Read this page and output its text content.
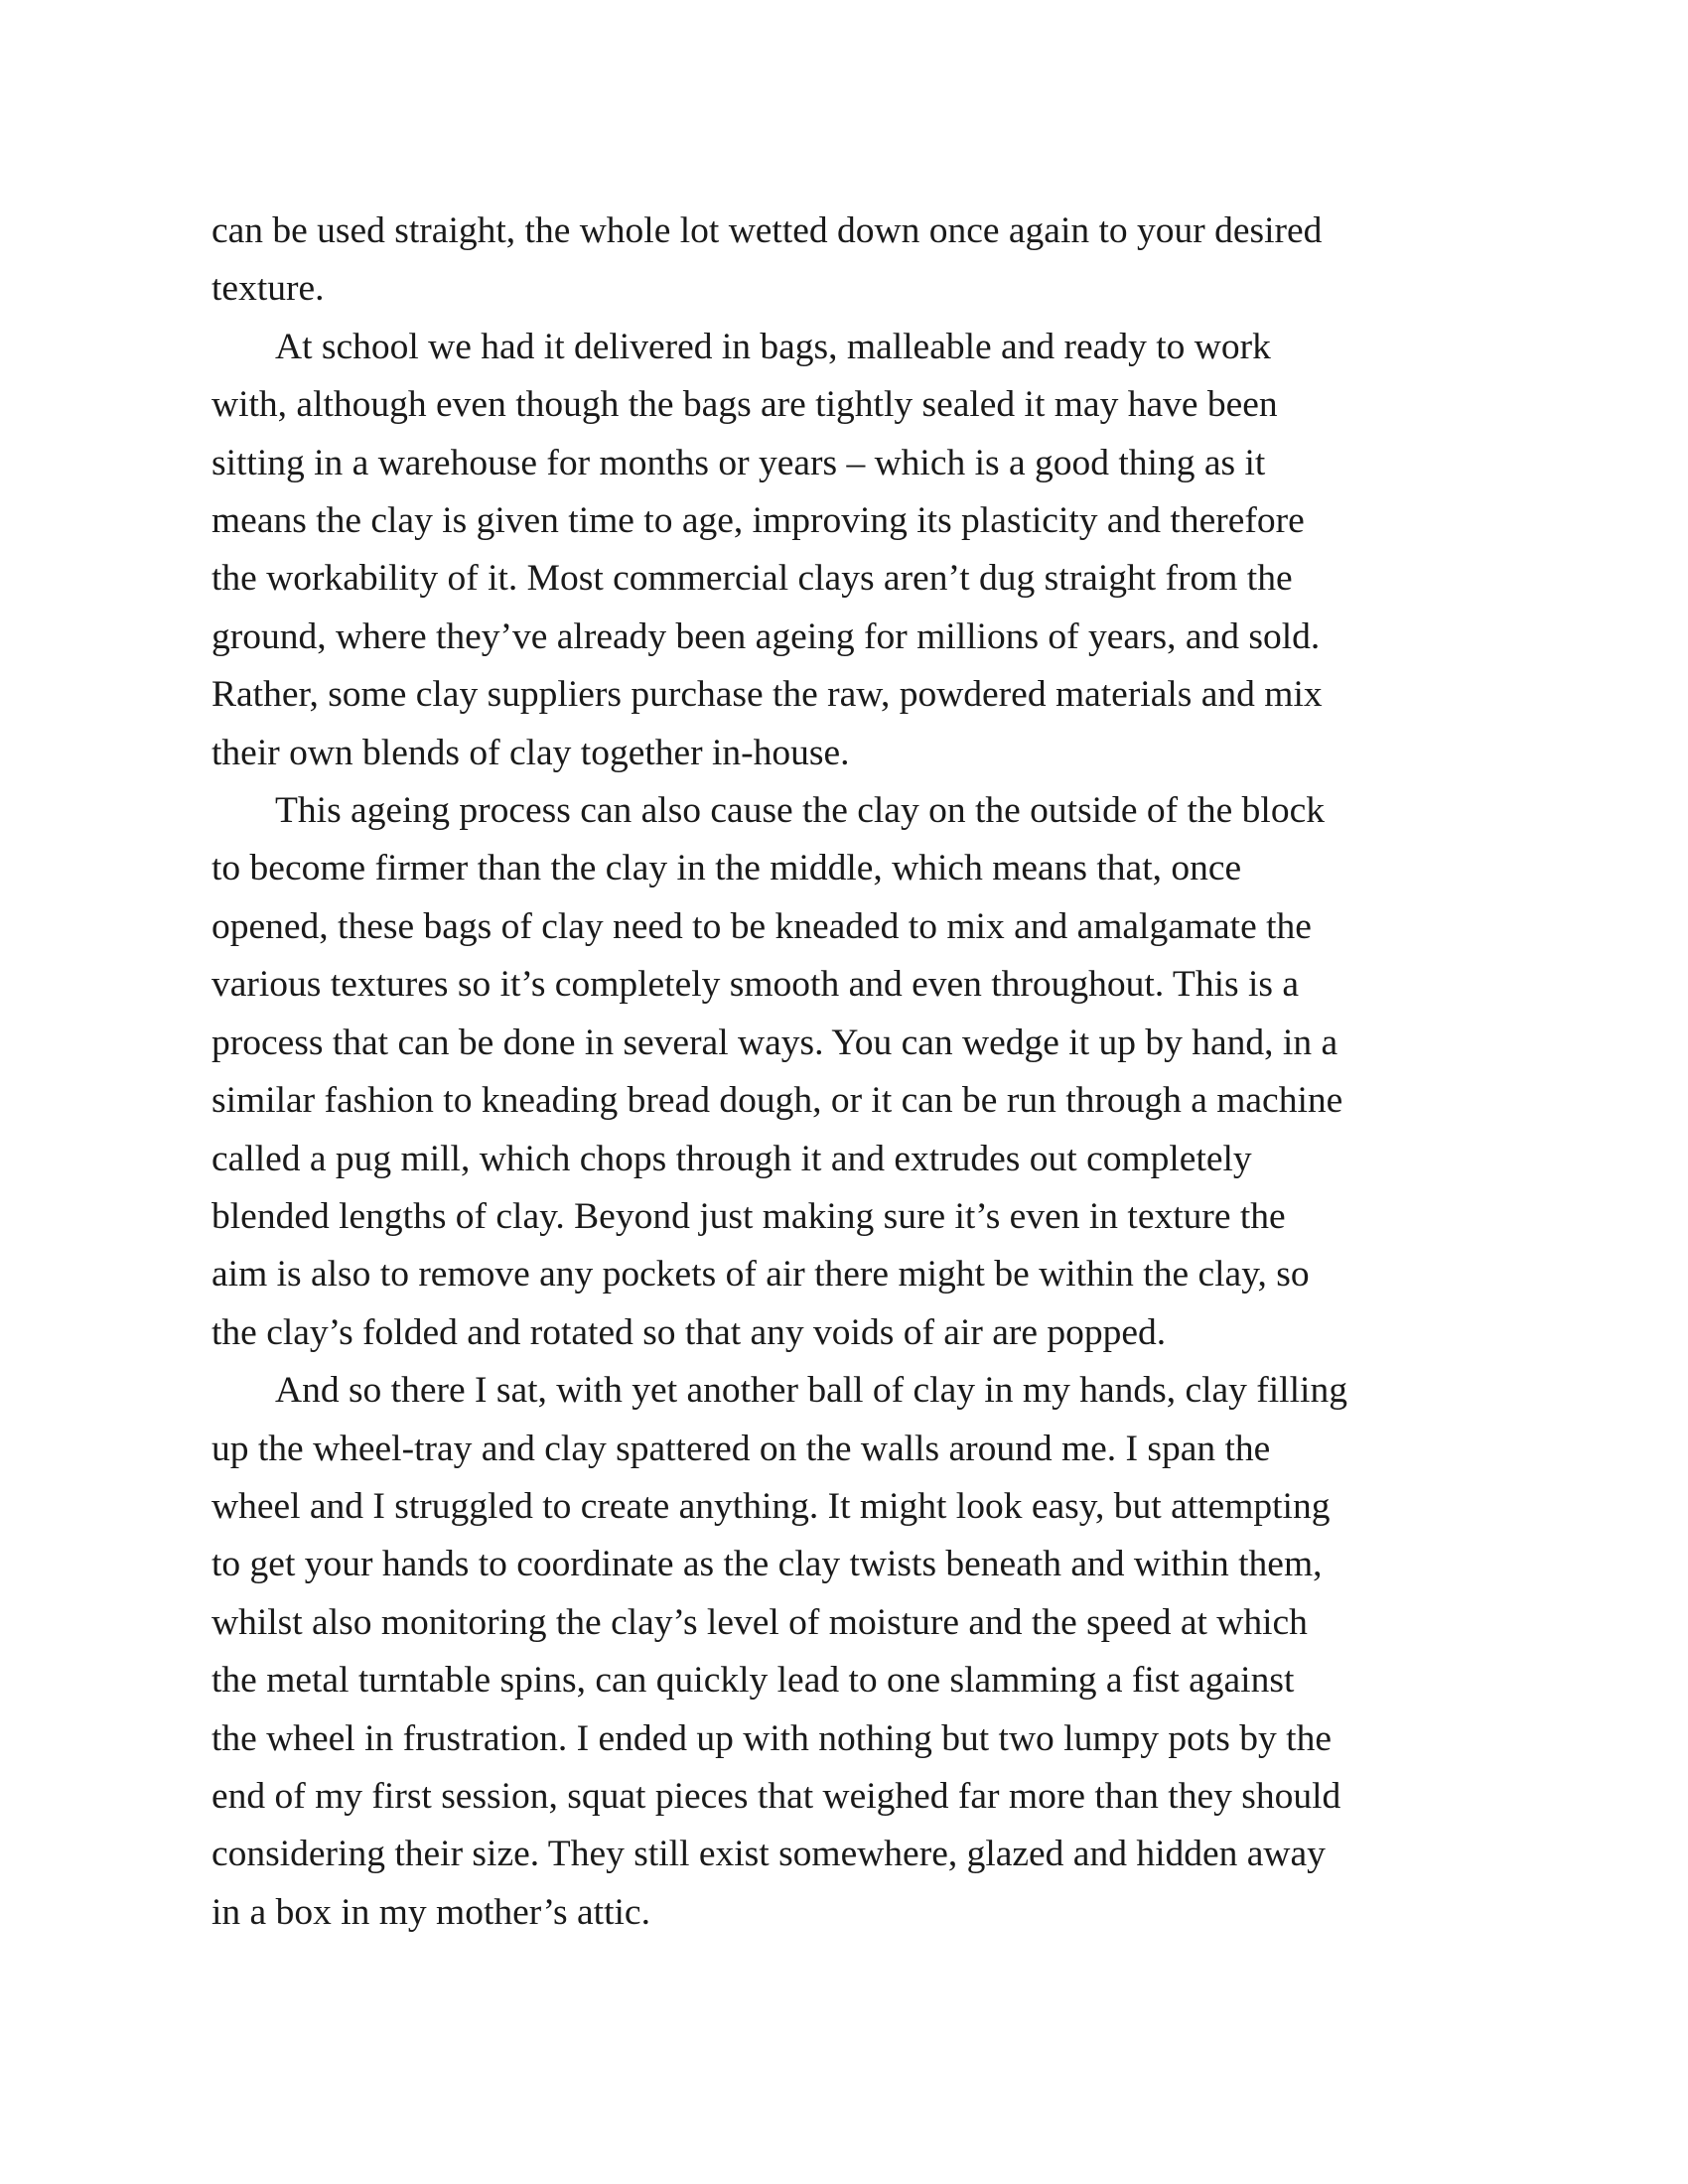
can be used straight, the whole lot wetted down once again to your desired
texture.
At school we had it delivered in bags, malleable and ready to work
with, although even though the bags are tightly sealed it may have been
sitting in a warehouse for months or years – which is a good thing as it
means the clay is given time to age, improving its plasticity and therefore
the workability of it. Most commercial clays aren’t dug straight from the
ground, where they’ve already been ageing for millions of years, and sold.
Rather, some clay suppliers purchase the raw, powdered materials and mix
their own blends of clay together in-house.
This ageing process can also cause the clay on the outside of the block
to become firmer than the clay in the middle, which means that, once
opened, these bags of clay need to be kneaded to mix and amalgamate the
various textures so it’s completely smooth and even throughout. This is a
process that can be done in several ways. You can wedge it up by hand, in a
similar fashion to kneading bread dough, or it can be run through a machine
called a pug mill, which chops through it and extrudes out completely
blended lengths of clay. Beyond just making sure it’s even in texture the
aim is also to remove any pockets of air there might be within the clay, so
the clay’s folded and rotated so that any voids of air are popped.
And so there I sat, with yet another ball of clay in my hands, clay filling
up the wheel-tray and clay spattered on the walls around me. I span the
wheel and I struggled to create anything. It might look easy, but attempting
to get your hands to coordinate as the clay twists beneath and within them,
whilst also monitoring the clay’s level of moisture and the speed at which
the metal turntable spins, can quickly lead to one slamming a fist against
the wheel in frustration. I ended up with nothing but two lumpy pots by the
end of my first session, squat pieces that weighed far more than they should
considering their size. They still exist somewhere, glazed and hidden away
in a box in my mother’s attic.
